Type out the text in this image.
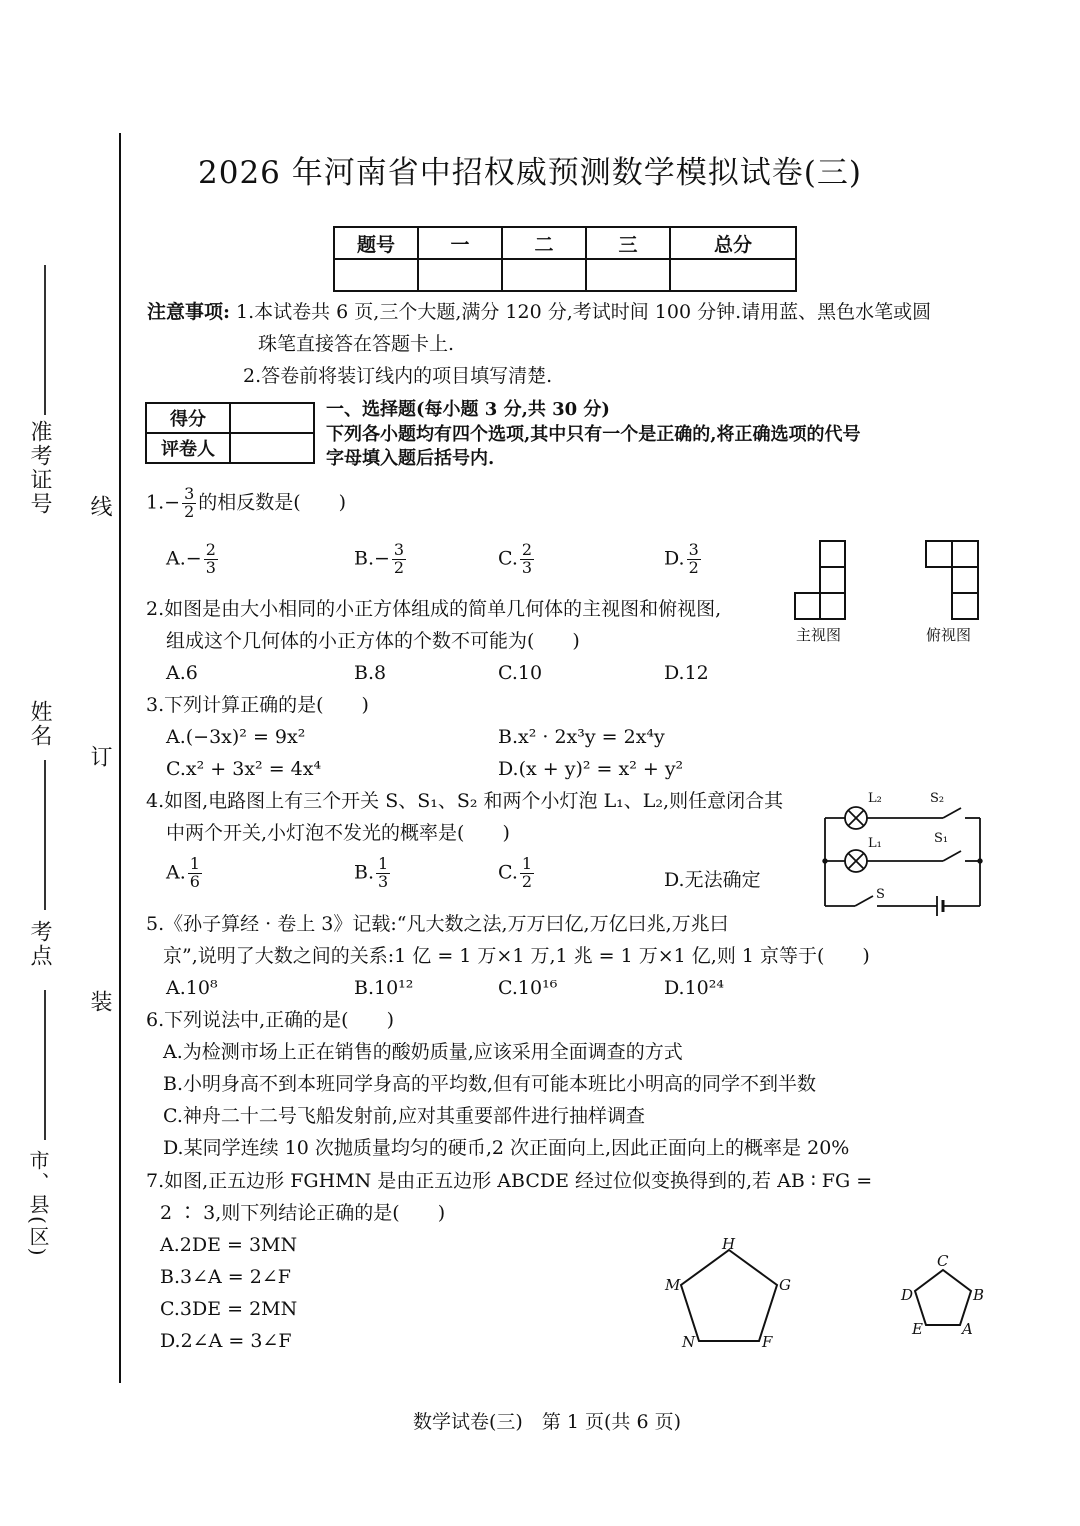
准考证号
姓名
考点
市、县(区)
线
订
装
2026 年河南省中招权威预测数学模拟试卷(三)
题号	一	二	三	总分

注意事项: 1.本试卷共 6 页,三个大题,满分 120 分,考试时间 100 分钟.请用蓝、黑色水笔或圆
珠笔直接答在答题卡上.
2.答卷前将装订线内的项目填写清楚.
得分	
评卷人	
一、选择题(每小题 3 分,共 30 分)
下列各小题均有四个选项,其中只有一个是正确的,将正确选项的代号
字母填入题后括号内.
$1.- \frac{3}{2}$ 的相反数是(　　)
$A.- \frac{2}{3}$	$B.- \frac{3}{2}$	C. $\frac{2}{3}$	D. $\frac{3}{2}$
主视图	俯视图
2.如图是由大小相同的小正方体组成的简单几何体的主视图和俯视图,
组成这个几何体的小正方体的个数不可能为(　　)
A.6	B.8	C.10	D.12
3.下列计算正确的是(　　)
A.(−3x)² = 9x²	B.x² · 2x³y = 2x⁴y
C.x² + 3x² = 4x⁴	D.(x + y)² = x² + y²
L₂
L₁
S₂
S₁
S
4.如图,电路图上有三个开关 S、S₁、S₂ 和两个小灯泡 L₁、L₂,则任意闭合其
中两个开关,小灯泡不发光的概率是(　　)
A. $\frac{1}{6}$	B. $\frac{1}{3}$	C. $\frac{1}{2}$	D.无法确定
5.《孙子算经 · 卷上 3》记载:“凡大数之法,万万曰亿,万亿曰兆,万兆曰
京”,说明了大数之间的关系:1 亿 = 1 万×1 万,1 兆 = 1 万×1 亿,则 1 京等于(　　)
A.10⁸	B.10¹²	C.10¹⁶	D.10²⁴
6.下列说法中,正确的是(　　)
A.为检测市场上正在销售的酸奶质量,应该采用全面调查的方式
B.小明身高不到本班同学身高的平均数,但有可能本班比小明高的同学不到半数
C.神舟二十二号飞船发射前,应对其重要部件进行抽样调查
D.某同学连续 10 次抛质量均匀的硬币,2 次正面向上,因此正面向上的概率是 20%
7.如图,正五边形 FGHMN 是由正五边形 ABCDE 经过位似变换得到的,若 AB ∶ FG =
2 ∶ 3,则下列结论正确的是(　　)
A.2DE = 3MN
B.3∠A = 2∠F
C.3DE = 2MN
D.2∠A = 3∠F
H
G
F
N
M
C
B
A
E
D
数学试卷(三)　第 1 页(共 6 页)
